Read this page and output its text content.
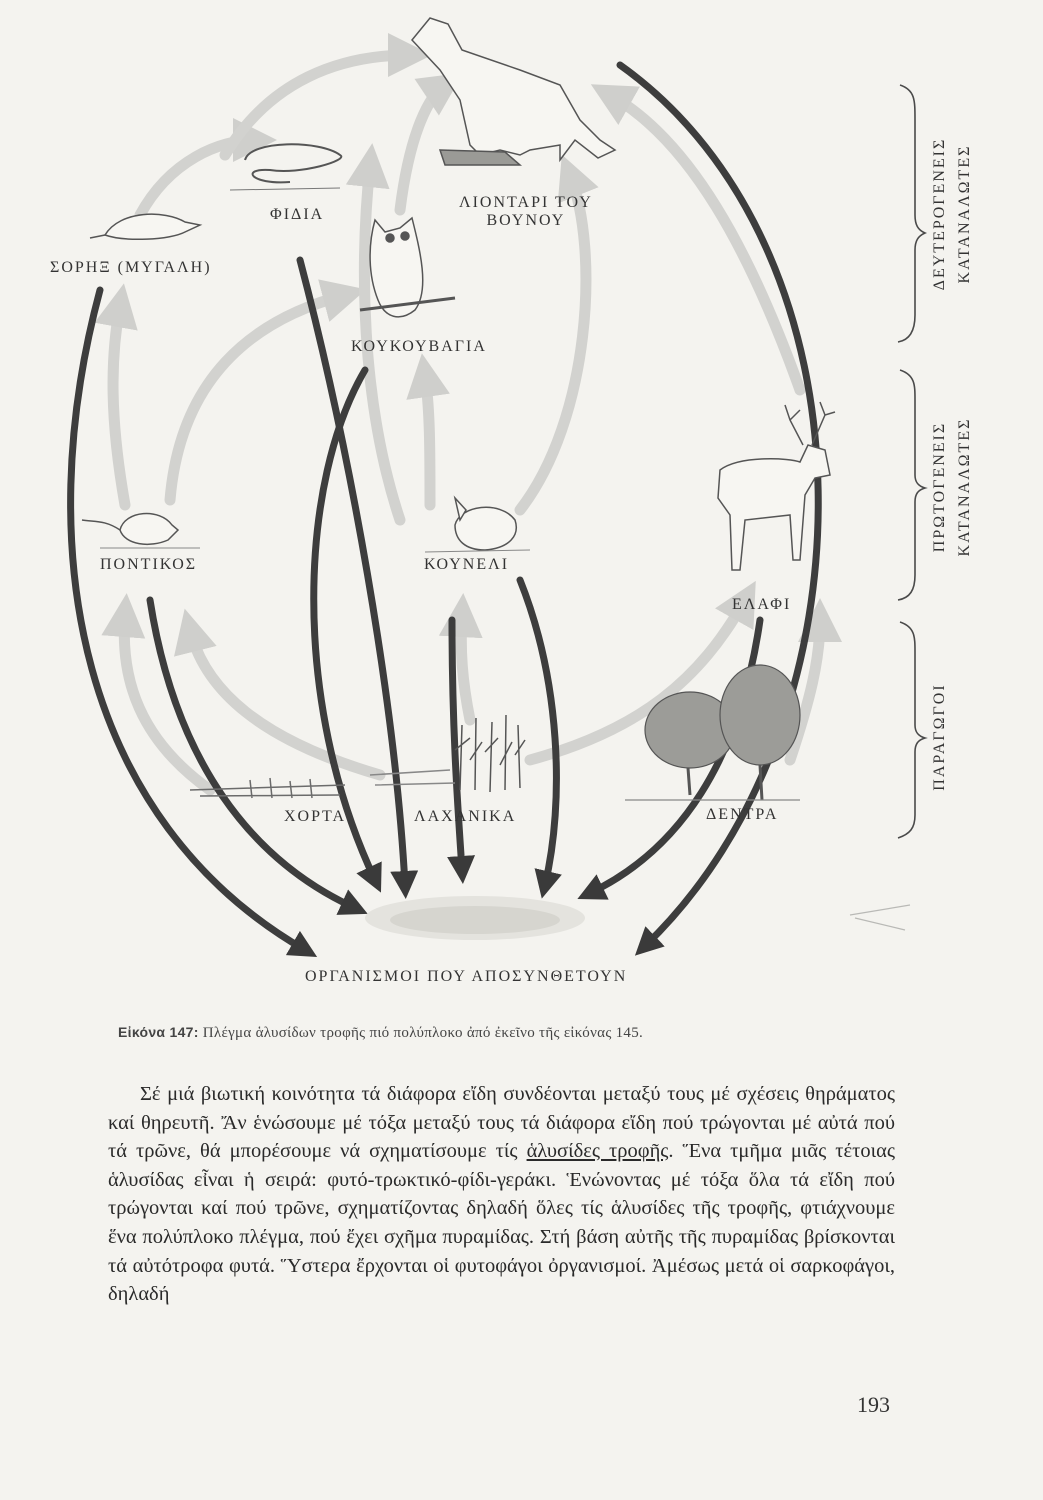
ΛΙΟΝΤΑΡΙ ΤΟΥ
ΒΟΥΝΟΥ
ΦΙΔΙΑ
ΣΟΡΗΞ (ΜΥΓΑΛΗ)
ΚΟΥΚΟΥΒΑΓΙΑ
ΠΟΝΤΙΚΟΣ	ΚΟΥΝΕΛΙ
ΕΛΑΦΙ
ΧΟΡΤΑ	ΛΑΧΑΝΙΚΑ	ΔΕΝΤΡΑ
ΟΡΓΑΝΙΣΜΟΙ ΠΟΥ ΑΠΟΣΥΝΘΕΤΟΥΝ
ΔΕΥΤΕΡΟΓΕΝΕΙΣ ΚΑΤΑΝΑΛΩΤΕΣ
ΠΡΩΤΟΓΕΝΕΙΣ ΚΑΤΑΝΑΛΩΤΕΣ
ΠΑΡΑΓΩΓΟΙ
Εἰκόνα 147: Πλέγμα ἁλυσίδων τροφῆς πιό πολύπλοκο ἀπό ἐκεῖνο τῆς εἰκόνας 145.
Σέ μιά βιωτική κοινότητα τά διάφορα εἴδη συνδέονται μεταξύ τους μέ σχέσεις θηράματος καί θηρευτῆ. Ἄν ἑνώσουμε μέ τόξα μεταξύ τους τά διάφορα εἴδη πού τρώγονται μέ αὐτά πού τά τρῶνε, θά μπορέσουμε νά σχηματίσουμε τίς ἁλυσίδες τροφῆς. Ἕνα τμῆμα μιᾶς τέτοιας ἁλυσίδας εἶναι ἡ σειρά: φυτό-τρωκτικό-φίδι-γεράκι. Ἑνώνοντας μέ τόξα ὅλα τά εἴδη πού τρώγονται καί πού τρῶνε, σχηματίζοντας δηλαδή ὅλες τίς ἁλυσίδες τῆς τροφῆς, φτιάχνουμε ἕνα πολύπλοκο πλέγμα, πού ἔχει σχῆμα πυραμίδας. Στή βάση αὐτῆς τῆς πυραμίδας βρίσκονται τά αὐτότροφα φυτά. Ὕστερα ἔρχονται οἱ φυτοφάγοι ὀργανισμοί. Ἀμέσως μετά οἱ σαρκοφάγοι, δηλαδή
193
